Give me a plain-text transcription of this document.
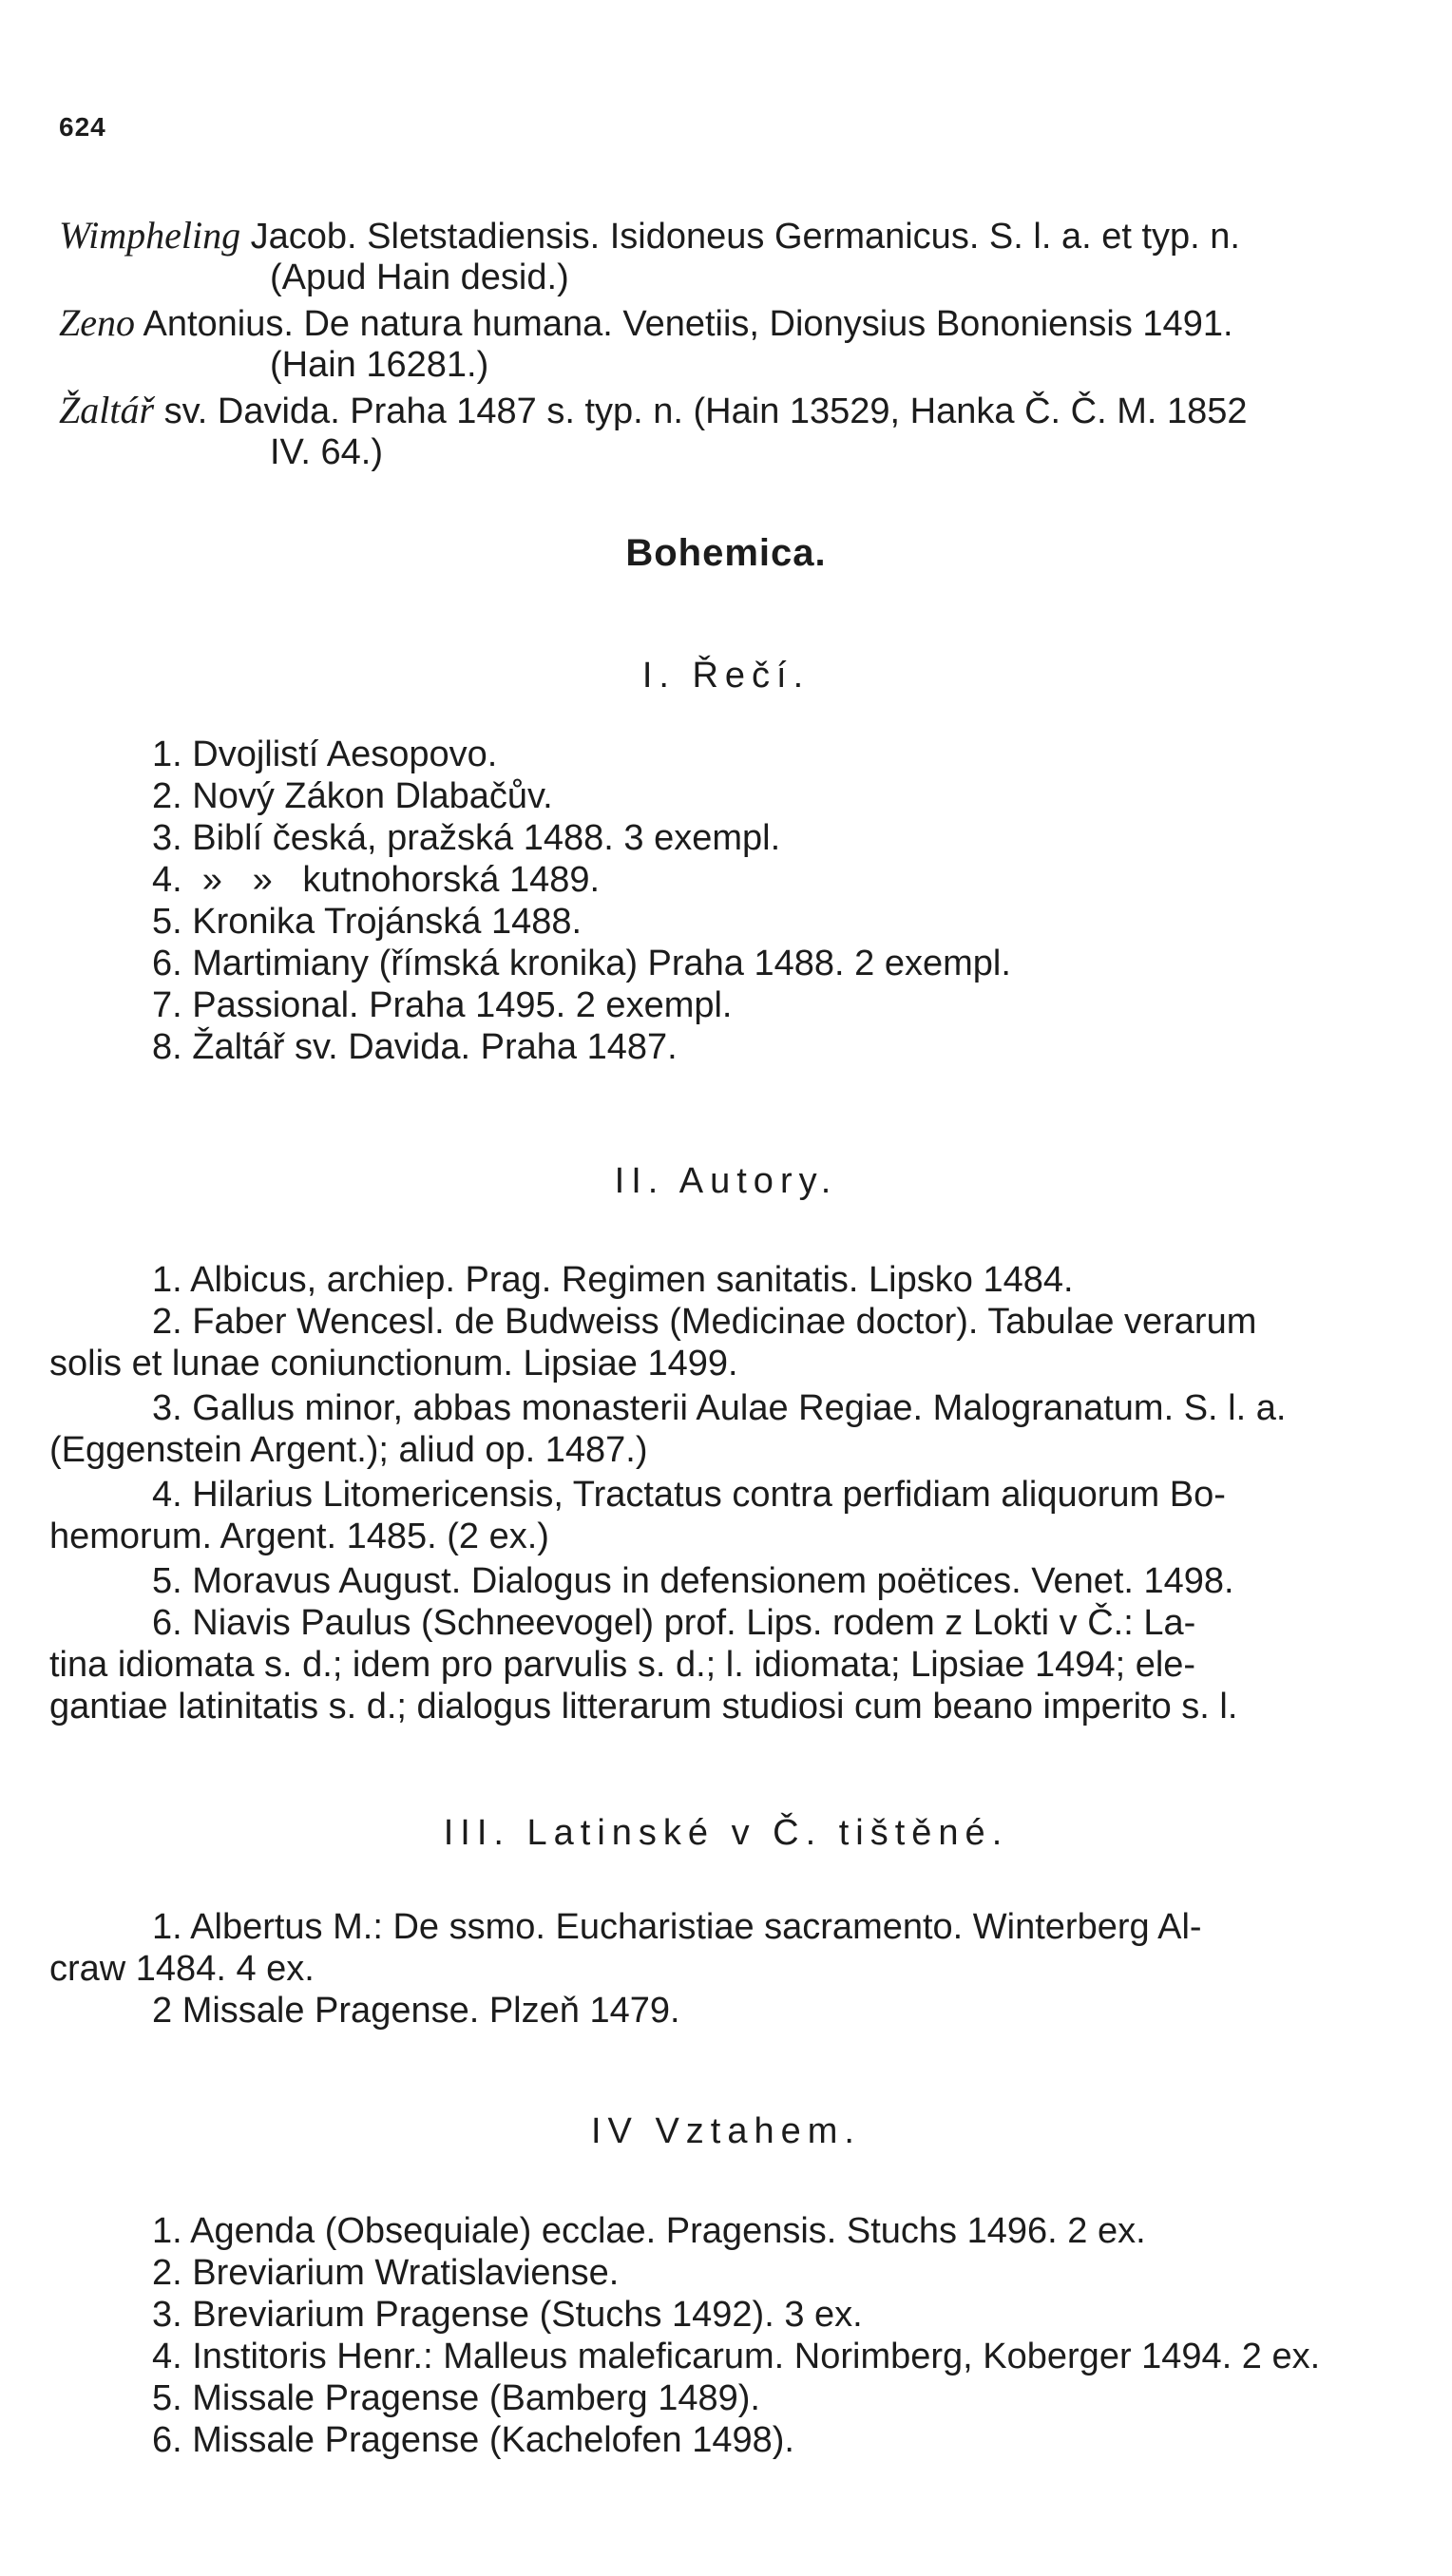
624
Wimpheling Jacob. Sletstadiensis. Isidoneus Germanicus. S. l. a. et typ. n.
(Apud Hain desid.)
Zeno Antonius. De natura humana. Venetiis, Dionysius Bononiensis 1491.
(Hain 16281.)
Žaltář sv. Davida. Praha 1487 s. typ. n. (Hain 13529, Hanka Č. Č. M. 1852
IV. 64.)
Bohemica.
I. Řečí.
1. Dvojlistí Aesopovo.
2. Nový Zákon Dlabačův.
3. Biblí česká, pražská 1488. 3 exempl.
4.  »   »   kutnohorská 1489.
5. Kronika Trojánská 1488.
6. Martimiany (římská kronika) Praha 1488. 2 exempl.
7. Passional. Praha 1495. 2 exempl.
8. Žaltář sv. Davida. Praha 1487.
II. Autory.
1. Albicus, archiep. Prag. Regimen sanitatis. Lipsko 1484.
2. Faber Wencesl. de Budweiss (Medicinae doctor). Tabulae verarum
solis et lunae coniunctionum. Lipsiae 1499.
3. Gallus minor, abbas monasterii Aulae Regiae. Malogranatum. S. l. a.
(Eggenstein Argent.); aliud op. 1487.)
4. Hilarius Litomericensis, Tractatus contra perfidiam aliquorum Bo-
hemorum. Argent. 1485. (2 ex.)
5. Moravus August. Dialogus in defensionem poëtices. Venet. 1498.
6. Niavis Paulus (Schneevogel) prof. Lips. rodem z Lokti v Č.: La-
tina idiomata s. d.; idem pro parvulis s. d.; l. idiomata; Lipsiae 1494; ele-
gantiae latinitatis s. d.; dialogus litterarum studiosi cum beano imperito s. l.
III. Latinské v Č. tištěné.
1. Albertus M.: De ssmo. Eucharistiae sacramento. Winterberg Al-
craw 1484. 4 ex.
2 Missale Pragense. Plzeň 1479.
IV Vztahem.
1. Agenda (Obsequiale) ecclae. Pragensis. Stuchs 1496. 2 ex.
2. Breviarium Wratislaviense.
3. Breviarium Pragense (Stuchs 1492). 3 ex.
4. Institoris Henr.: Malleus maleficarum. Norimberg, Koberger 1494. 2 ex.
5. Missale Pragense (Bamberg 1489).
6. Missale Pragense (Kachelofen 1498).
